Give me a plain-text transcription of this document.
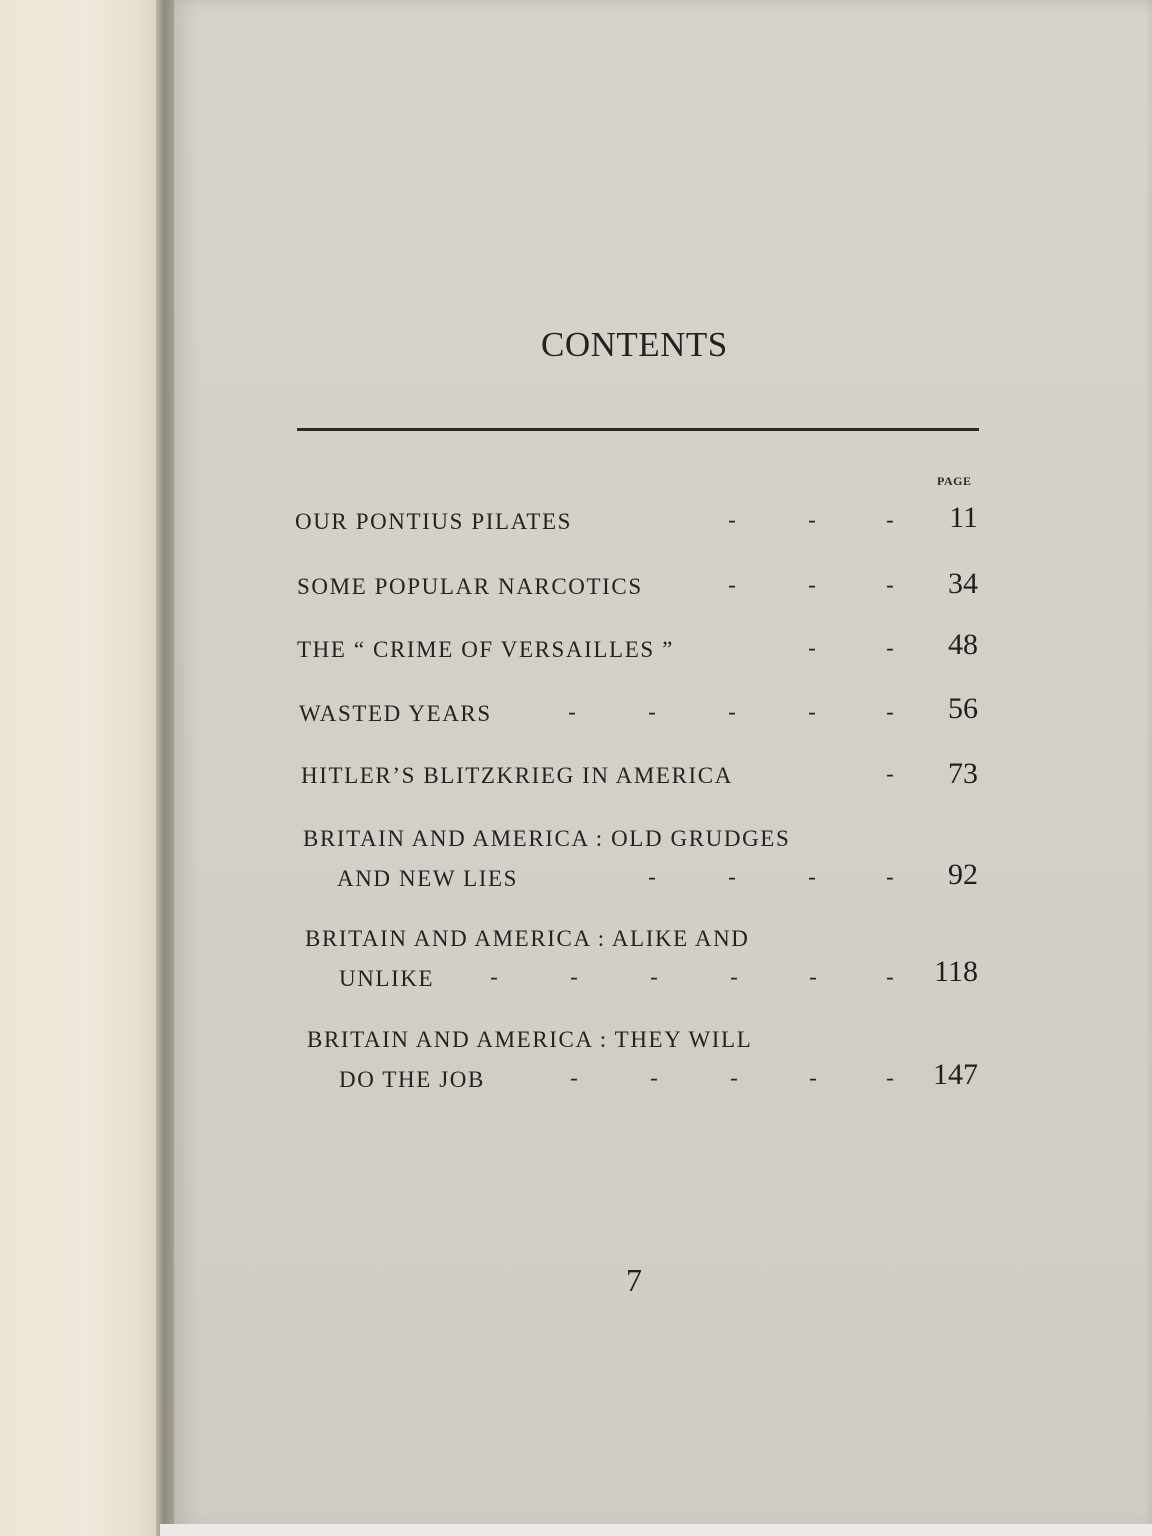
CONTENTS
PAGE
OUR PONTIUS PILATES	-	-	-	11
SOME POPULAR NARCOTICS	-	-	-	34
THE “ CRIME OF VERSAILLES ”	-	-	48
WASTED YEARS	-	-	-	-	-	56
HITLER’S BLITZKRIEG IN AMERICA	-	73
BRITAIN AND AMERICA : OLD GRUDGES
AND NEW LIES	-	-	-	-	92
BRITAIN AND AMERICA : ALIKE AND
UNLIKE -	-	-	-	-	-	118
BRITAIN AND AMERICA : THEY WILL
DO THE JOB	-	-	-	-	-	147
7
